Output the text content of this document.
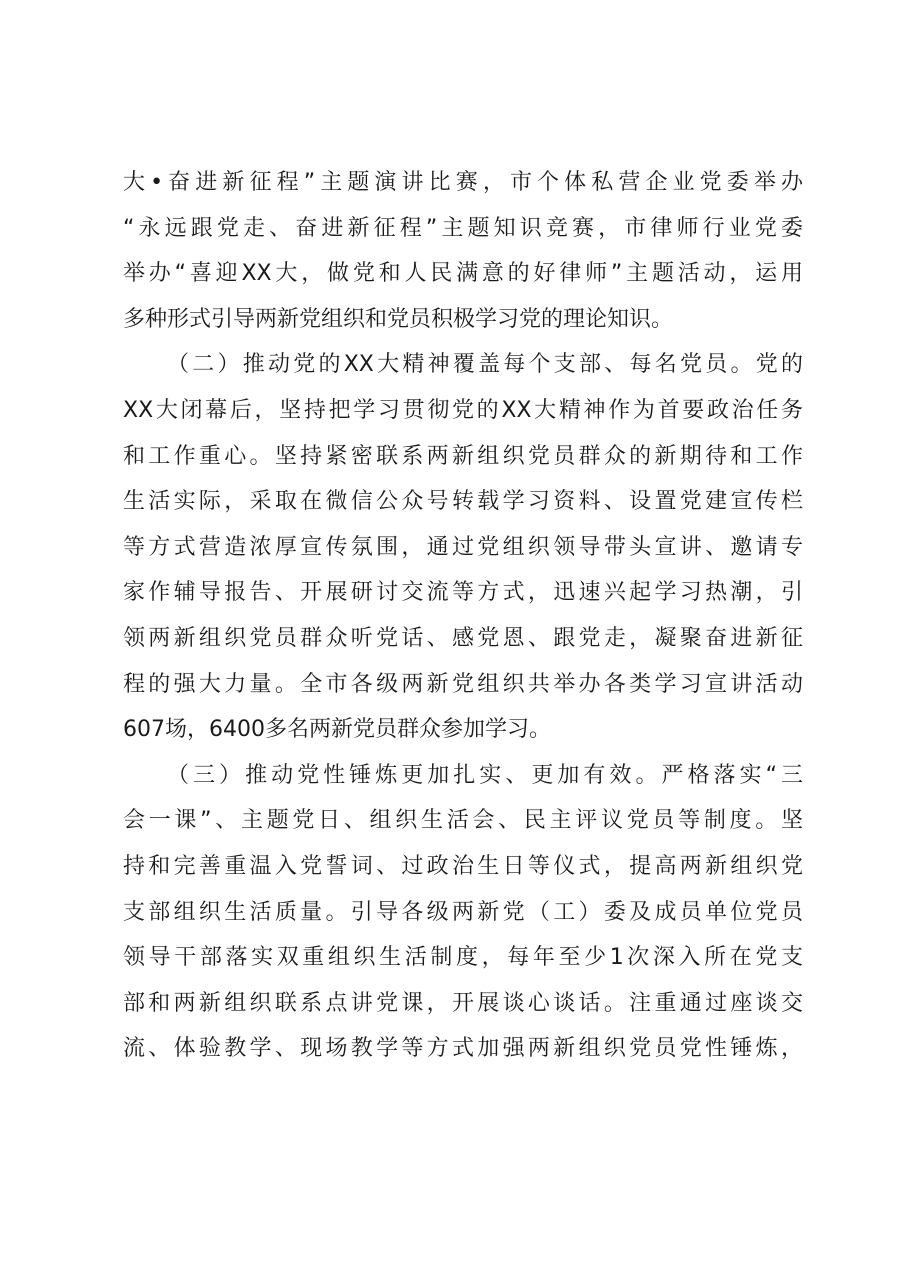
大•奋进新征程”主题演讲比赛，市个体私营企业党委举办
“永远跟党走、奋进新征程”主题知识竞赛，市律师行业党委
举办“喜迎XX大，做党和人民满意的好律师”主题活动，运用
多种形式引导两新党组织和党员积极学习党的理论知识。
（二）推动党的XX大精神覆盖每个支部、每名党员。党的
XX大闭幕后，坚持把学习贯彻党的XX大精神作为首要政治任务
和工作重心。坚持紧密联系两新组织党员群众的新期待和工作
生活实际，采取在微信公众号转载学习资料、设置党建宣传栏
等方式营造浓厚宣传氛围，通过党组织领导带头宣讲、邀请专
家作辅导报告、开展研讨交流等方式，迅速兴起学习热潮，引
领两新组织党员群众听党话、感党恩、跟党走，凝聚奋进新征
程的强大力量。全市各级两新党组织共举办各类学习宣讲活动
607场，6400多名两新党员群众参加学习。
（三）推动党性锤炼更加扎实、更加有效。严格落实“三
会一课”、主题党日、组织生活会、民主评议党员等制度。坚
持和完善重温入党誓词、过政治生日等仪式，提高两新组织党
支部组织生活质量。引导各级两新党（工）委及成员单位党员
领导干部落实双重组织生活制度，每年至少1次深入所在党支
部和两新组织联系点讲党课，开展谈心谈话。注重通过座谈交
流、体验教学、现场教学等方式加强两新组织党员党性锤炼，
